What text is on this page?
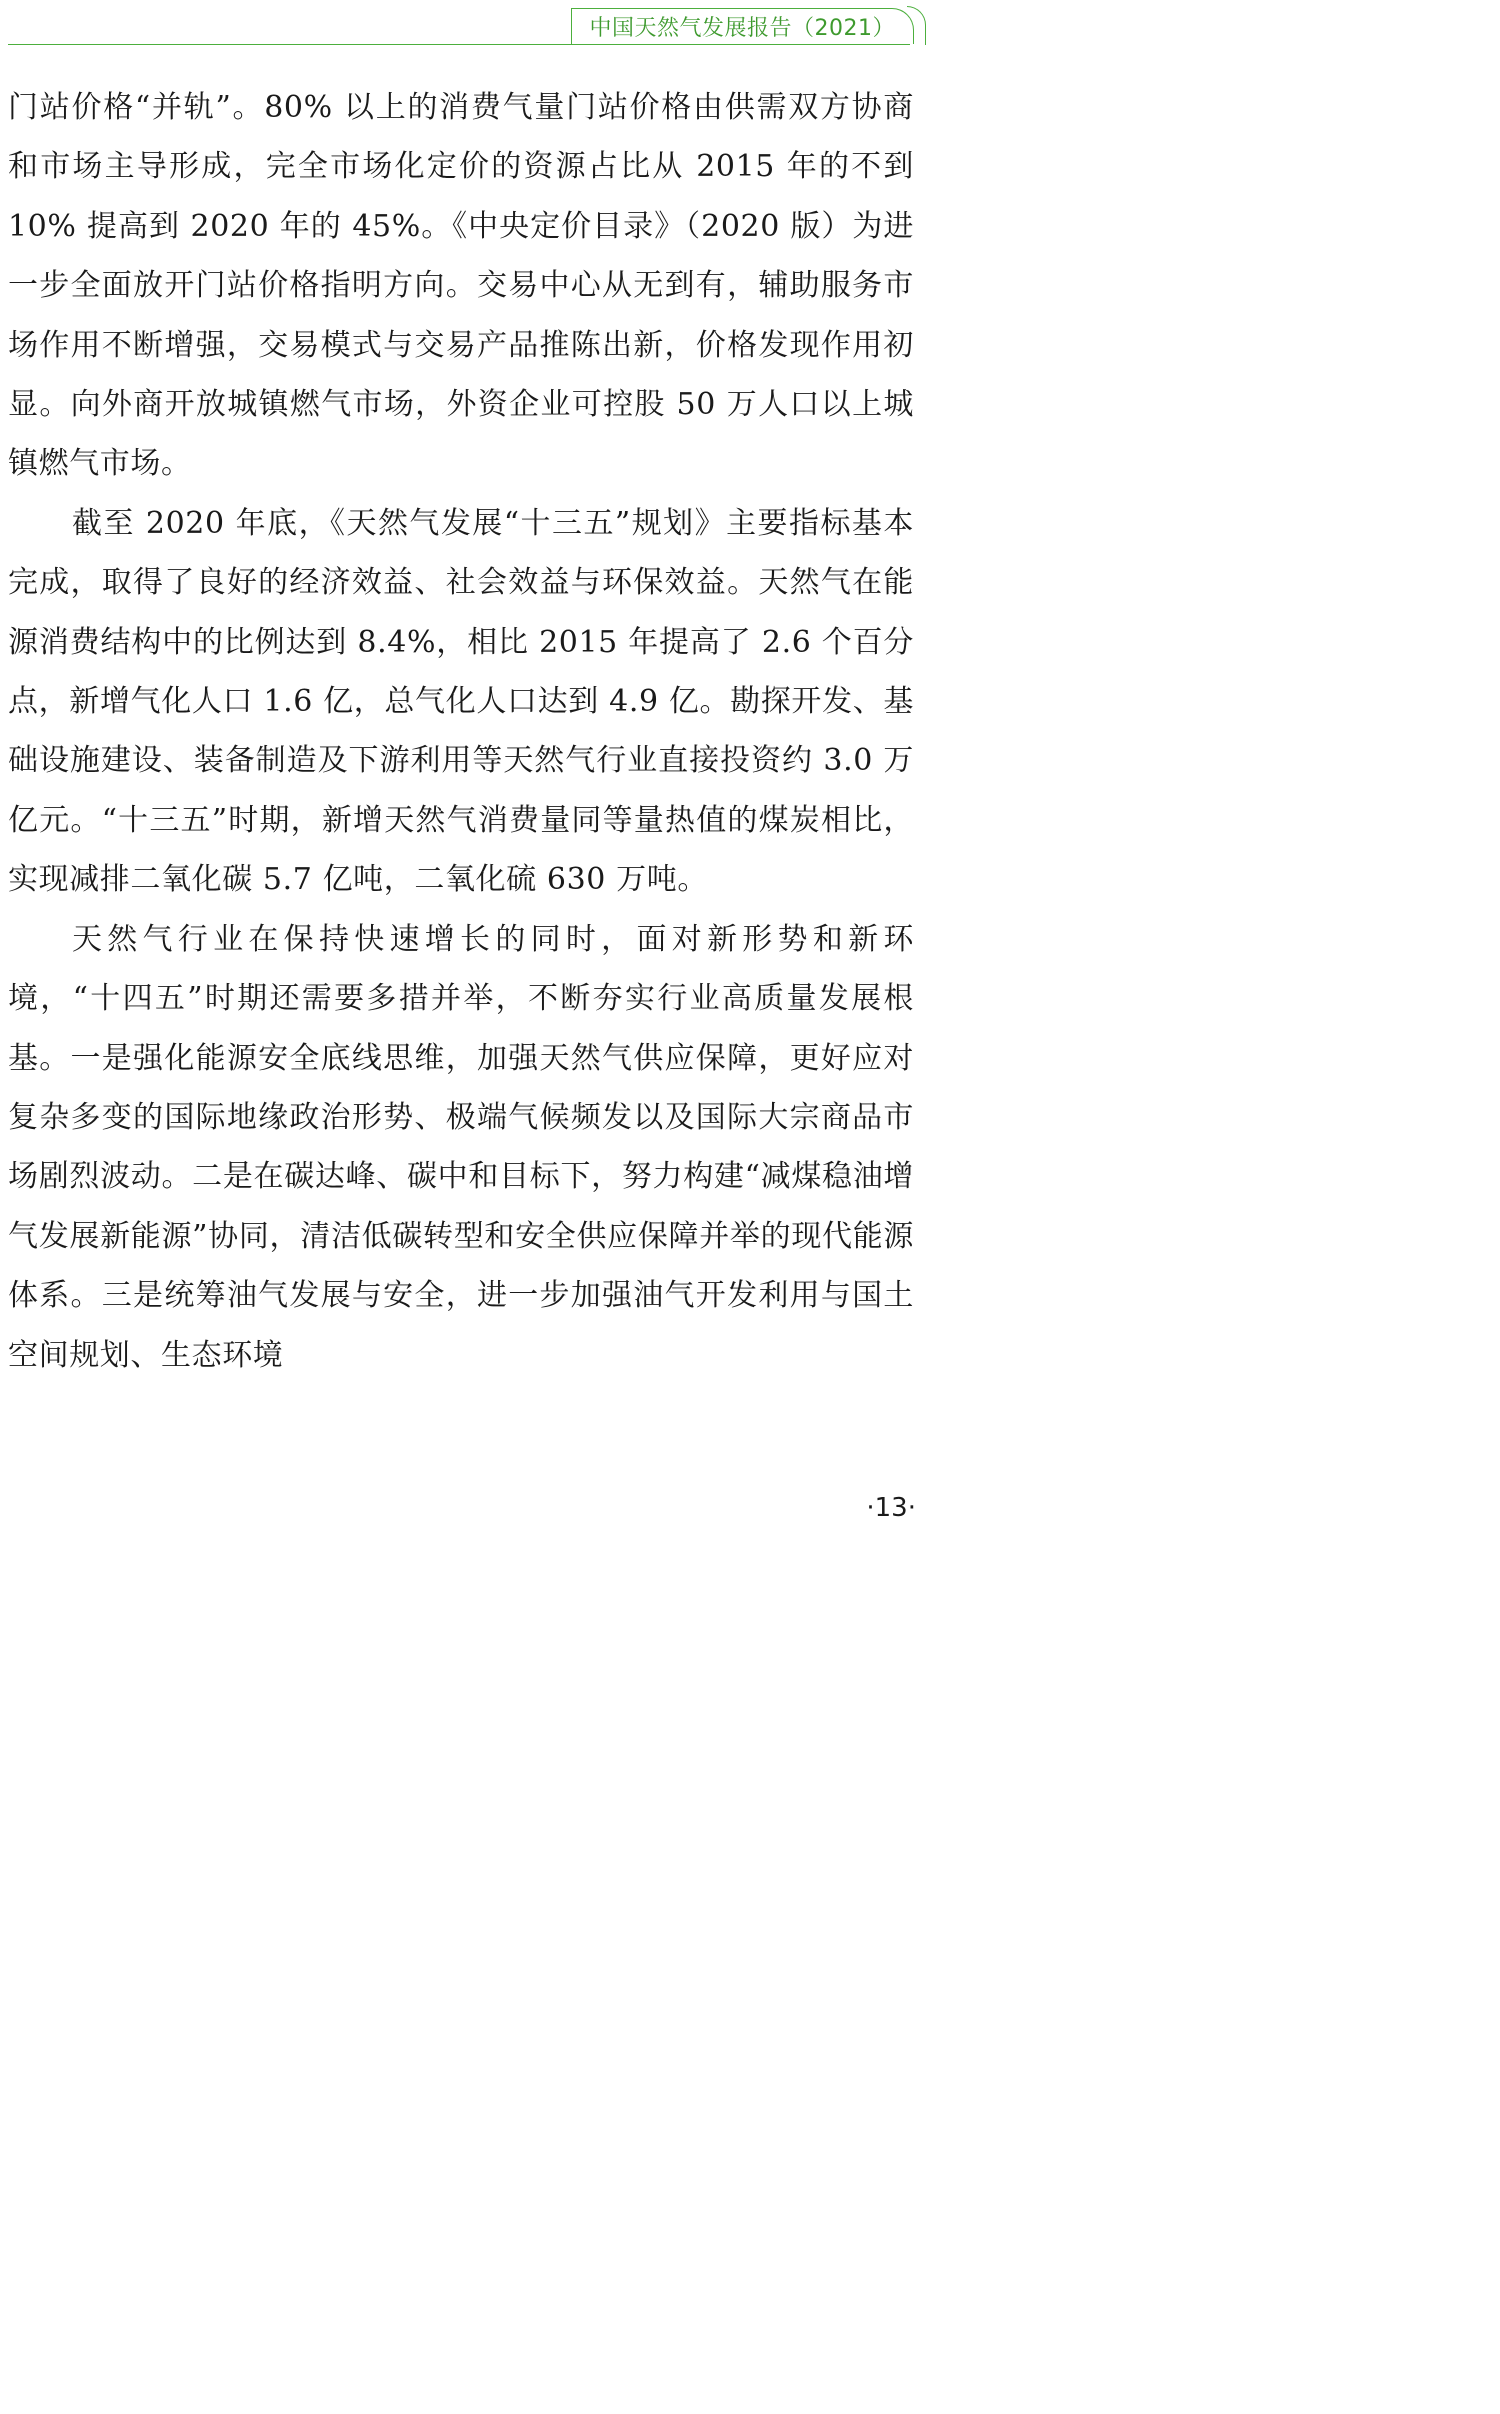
中国天然气发展报告（2021）

门站价格“并轨”。80% 以上的消费气量门站价格由供需双方协商和市场主导形成，完全市场化定价的资源占比从 2015 年的不到 10% 提高到 2020 年的 45%。《中央定价目录》（2020 版）为进一步全面放开门站价格指明方向。交易中心从无到有，辅助服务市场作用不断增强，交易模式与交易产品推陈出新，价格发现作用初显。向外商开放城镇燃气市场，外资企业可控股 50 万人口以上城镇燃气市场。

截至 2020 年底，《天然气发展“十三五”规划》主要指标基本完成，取得了良好的经济效益、社会效益与环保效益。天然气在能源消费结构中的比例达到 8.4%，相比 2015 年提高了 2.6 个百分点，新增气化人口 1.6 亿，总气化人口达到 4.9 亿。勘探开发、基础设施建设、装备制造及下游利用等天然气行业直接投资约 3.0 万亿元。“十三五”时期，新增天然气消费量同等量热值的煤炭相比，实现减排二氧化碳 5.7 亿吨，二氧化硫 630 万吨。

天然气行业在保持快速增长的同时，面对新形势和新环境，“十四五”时期还需要多措并举，不断夯实行业高质量发展根基。一是强化能源安全底线思维，加强天然气供应保障，更好应对复杂多变的国际地缘政治形势、极端气候频发以及国际大宗商品市场剧烈波动。二是在碳达峰、碳中和目标下，努力构建“减煤稳油增气发展新能源”协同，清洁低碳转型和安全供应保障并举的现代能源体系。三是统筹油气发展与安全，进一步加强油气开发利用与国土空间规划、生态环境

·13·
